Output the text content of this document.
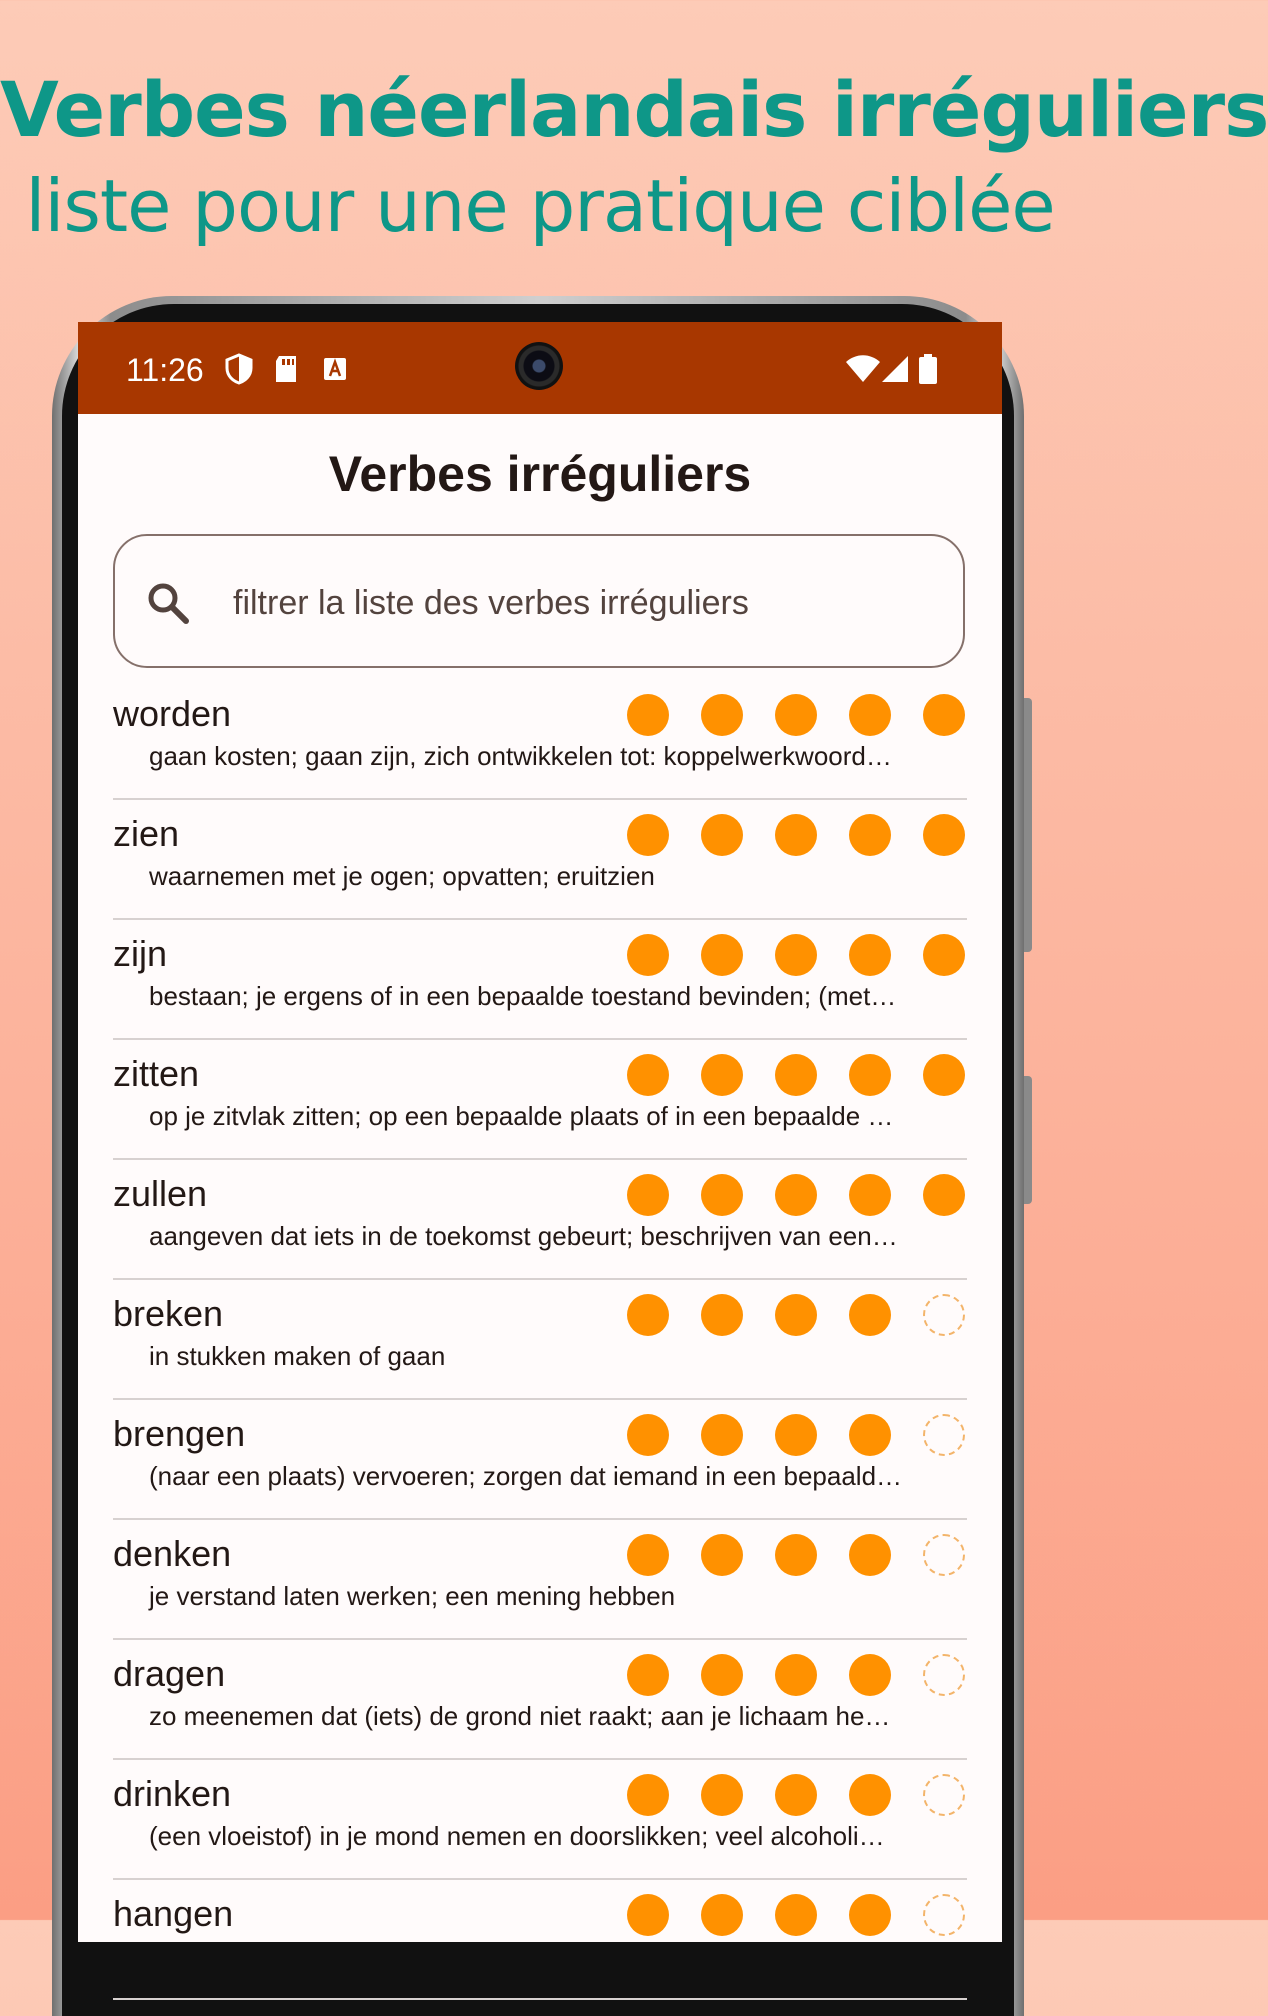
Verbes néerlandais irréguliers
liste pour une pratique ciblée
11:26
Verbes irréguliers
filtrer la liste des verbes irréguliers
worden
gaan kosten; gaan zijn, zich ontwikkelen tot: koppelwerkwoord…
zien
waarnemen met je ogen; opvatten; eruitzien
zijn
bestaan; je ergens of in een bepaalde toestand bevinden; (met…
zitten
op je zitvlak zitten; op een bepaalde plaats of in een bepaalde …
zullen
aangeven dat iets in de toekomst gebeurt; beschrijven van een…
breken
in stukken maken of gaan
brengen
(naar een plaats) vervoeren; zorgen dat iemand in een bepaald…
denken
je verstand laten werken; een mening hebben
dragen
zo meenemen dat (iets) de grond niet raakt; aan je lichaam he…
drinken
(een vloeistof) in je mond nemen en doorslikken; veel alcoholi…
hangen
